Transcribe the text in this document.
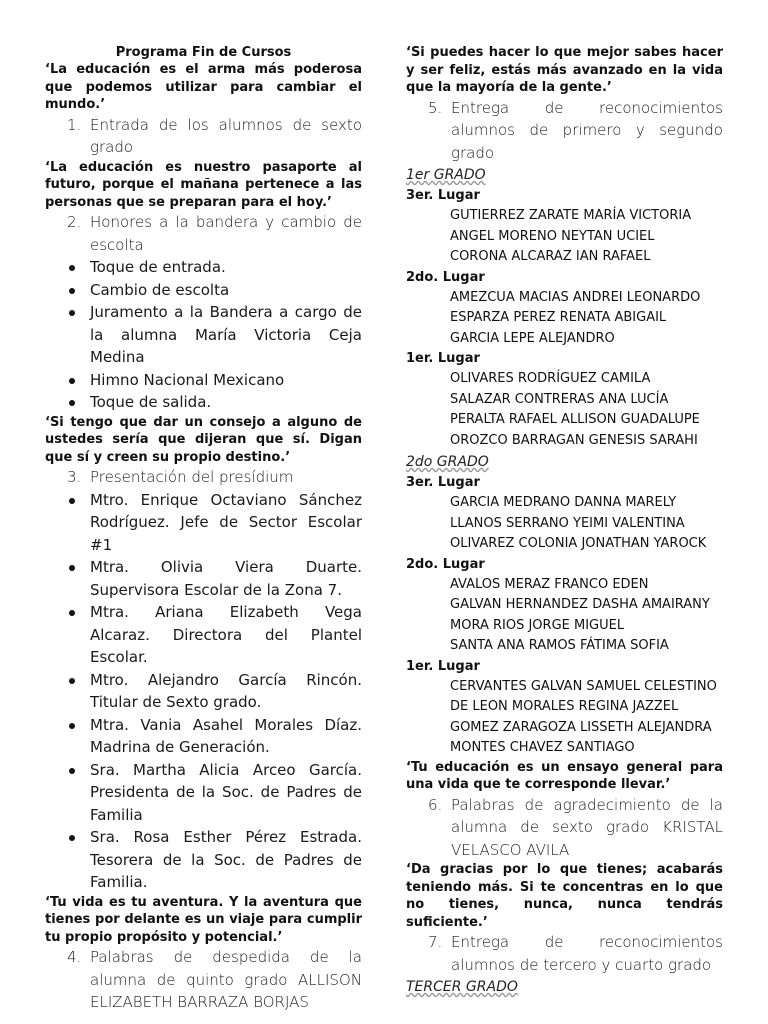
Programa Fin de Cursos

‘La educación es el arma más poderosa que podemos utilizar para cambiar el mundo.’

1. Entrada de los alumnos de sexto grado

‘La educación es nuestro pasaporte al futuro, porque el mañana pertenece a las personas que se preparan para el hoy.’

2. Honores a la bandera y cambio de escolta
Toque de entrada.
Cambio de escolta
Juramento a la Bandera a cargo de la alumna María Victoria Ceja Medina
Himno Nacional Mexicano
Toque de salida.

‘Si tengo que dar un consejo a alguno de ustedes sería que dijeran que sí. Digan que sí y creen su propio destino.’

3. Presentación del presídium
Mtro. Enrique Octaviano Sánchez Rodríguez. Jefe de Sector Escolar #1
Mtra. Olivia Viera Duarte. Supervisora Escolar de la Zona 7.
Mtra. Ariana Elizabeth Vega Alcaraz. Directora del Plantel Escolar.
Mtro. Alejandro García Rincón. Titular de Sexto grado.
Mtra. Vania Asahel Morales Díaz. Madrina de Generación.
Sra. Martha Alicia Arceo García. Presidenta de la Soc. de Padres de Familia
Sra. Rosa Esther Pérez Estrada. Tesorera de la Soc. de Padres de Familia.

‘Tu vida es tu aventura. Y la aventura que tienes por delante es un viaje para cumplir tu propio propósito y potencial.’

4. Palabras de despedida de la alumna de quinto grado ALLISON ELIZABETH BARRAZA BORJAS

‘Si puedes hacer lo que mejor sabes hacer y ser feliz, estás más avanzado en la vida que la mayoría de la gente.’

5. Entrega de reconocimientos alumnos de primero y segundo grado
1er GRADO
3er. Lugar
GUTIERREZ ZARATE MARÍA VICTORIA
ANGEL MORENO NEYTAN UCIEL
CORONA ALCARAZ IAN RAFAEL
2do. Lugar
AMEZCUA MACIAS ANDREI LEONARDO
ESPARZA PEREZ RENATA ABIGAIL
GARCIA LEPE ALEJANDRO
1er. Lugar
OLIVARES RODRÍGUEZ CAMILA
SALAZAR CONTRERAS ANA LUCÍA
PERALTA RAFAEL ALLISON GUADALUPE
OROZCO BARRAGAN GENESIS SARAHI
2do GRADO
3er. Lugar
GARCIA MEDRANO DANNA MARELY
LLANOS SERRANO YEIMI VALENTINA
OLIVAREZ COLONIA JONATHAN YAROCK
2do. Lugar
AVALOS MERAZ FRANCO EDEN
GALVAN HERNANDEZ DASHA AMAIRANY
MORA RIOS JORGE MIGUEL
SANTA ANA RAMOS FÁTIMA SOFIA
1er. Lugar
CERVANTES GALVAN SAMUEL CELESTINO
DE LEON MORALES REGINA JAZZEL
GOMEZ ZARAGOZA LISSETH ALEJANDRA
MONTES CHAVEZ SANTIAGO

‘Tu educación es un ensayo general para una vida que te corresponde llevar.’

6. Palabras de agradecimiento de la alumna de sexto grado KRISTAL VELASCO AVILA

‘Da gracias por lo que tienes; acabarás teniendo más. Si te concentras en lo que no tienes, nunca, nunca tendrás suficiente.’

7. Entrega de reconocimientos alumnos de tercero y cuarto grado
TERCER GRADO
